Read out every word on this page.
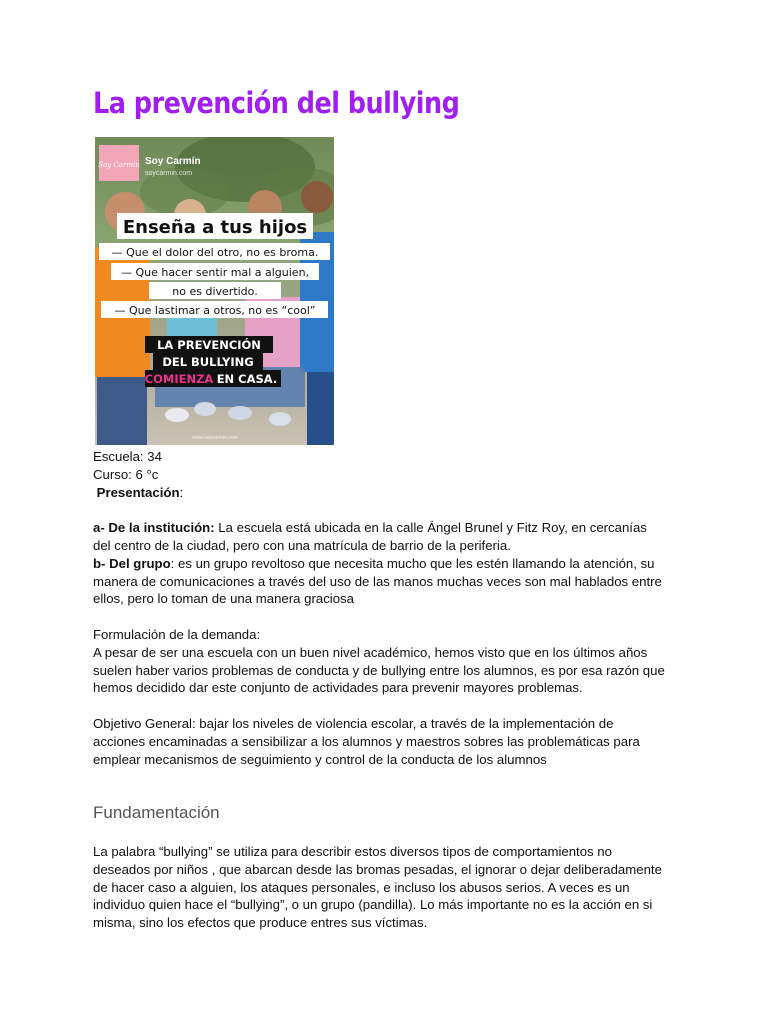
La prevención del bullying
Soy Carmin Soy Carmín
soycarmin.com
Enseña a tus hijos
— Que el dolor del otro, no es broma.
— Que hacer sentir mal a alguien,
no es divertido.
— Que lastimar a otros, no es “cool”
LA PREVENCIÓN
DEL BULLYING
COMIENZA EN CASA.
www.soycarmin.com

Escuela: 34

Curso: 6 °c

Presentación:

a- De la institución: La escuela está ubicada en la calle Ángel Brunel y Fitz Roy, en cercanías del centro de la ciudad, pero con una matrícula de barrio de la periferia.

b- Del grupo: es un grupo revoltoso que necesita mucho que les estén llamando la atención, su manera de comunicaciones a través del uso de las manos muchas veces son mal hablados entre ellos, pero lo toman de una manera graciosa

Formulación de la demanda:

A pesar de ser una escuela con un buen nivel académico, hemos visto que en los últimos años suelen haber varios problemas de conducta y de bullying entre los alumnos, es por esa razón que hemos decidido dar este conjunto de actividades para prevenir mayores problemas.

Objetivo General: bajar los niveles de violencia escolar, a través de la implementación de acciones encaminadas a sensibilizar a los alumnos y maestros sobres las problemáticas para emplear mecanismos de seguimiento y control de la conducta de los alumnos

Fundamentación

La palabra “bullying” se utiliza para describir estos diversos tipos de comportamientos no deseados por niños , que abarcan desde las bromas pesadas, el ignorar o dejar deliberadamente de hacer caso a alguien, los ataques personales, e incluso los abusos serios. A veces es un individuo quien hace el “bullying”, o un grupo (pandilla). Lo más importante no es la acción en si misma, sino los efectos que produce entres sus víctimas.
